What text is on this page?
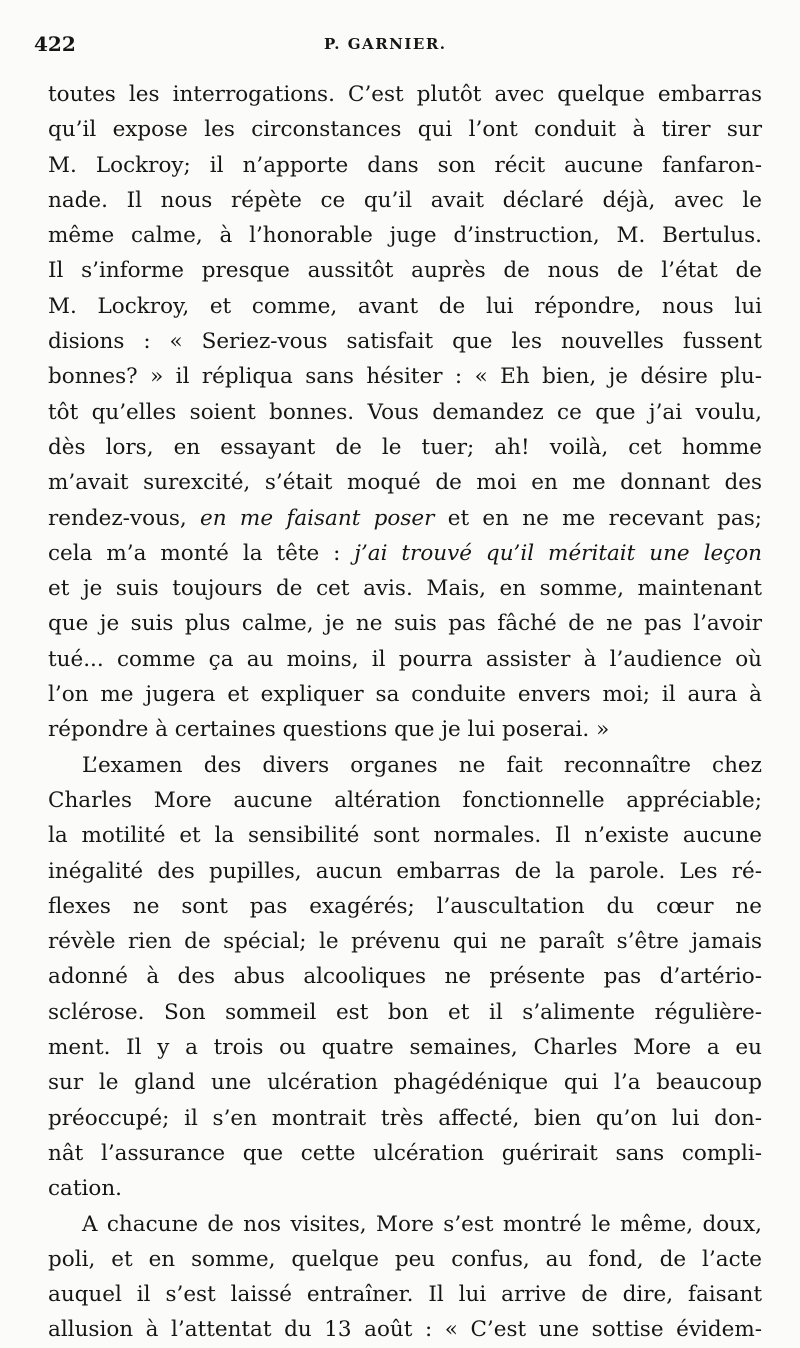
422	P. GARNIER.
toutes les interrogations. C’est plutôt avec quelque embarras
qu’il expose les circonstances qui l’ont conduit à tirer sur
M. Lockroy; il n’apporte dans son récit aucune fanfaron-
nade. Il nous répète ce qu’il avait déclaré déjà, avec le
même calme, à l’honorable juge d’instruction, M. Bertulus.
Il s’informe presque aussitôt auprès de nous de l’état de
M. Lockroy, et comme, avant de lui répondre, nous lui
disions : « Seriez-vous satisfait que les nouvelles fussent
bonnes? » il répliqua sans hésiter : « Eh bien, je désire plu-
tôt qu’elles soient bonnes. Vous demandez ce que j’ai voulu,
dès lors, en essayant de le tuer; ah! voilà, cet homme
m’avait surexcité, s’était moqué de moi en me donnant des
rendez-vous, en me faisant poser et en ne me recevant pas;
cela m’a monté la tête : j’ai trouvé qu’il méritait une leçon
et je suis toujours de cet avis. Mais, en somme, maintenant
que je suis plus calme, je ne suis pas fâché de ne pas l’avoir
tué... comme ça au moins, il pourra assister à l’audience où
l’on me jugera et expliquer sa conduite envers moi; il aura à
répondre à certaines questions que je lui poserai. »
L’examen des divers organes ne fait reconnaître chez
Charles More aucune altération fonctionnelle appréciable;
la motilité et la sensibilité sont normales. Il n’existe aucune
inégalité des pupilles, aucun embarras de la parole. Les ré-
flexes ne sont pas exagérés; l’auscultation du cœur ne
révèle rien de spécial; le prévenu qui ne paraît s’être jamais
adonné à des abus alcooliques ne présente pas d’artério-
sclérose. Son sommeil est bon et il s’alimente régulière-
ment. Il y a trois ou quatre semaines, Charles More a eu
sur le gland une ulcération phagédénique qui l’a beaucoup
préoccupé; il s’en montrait très affecté, bien qu’on lui don-
nât l’assurance que cette ulcération guérirait sans compli-
cation.
A chacune de nos visites, More s’est montré le même, doux,
poli, et en somme, quelque peu confus, au fond, de l’acte
auquel il s’est laissé entraîner. Il lui arrive de dire, faisant
allusion à l’attentat du 13 août : « C’est une sottise évidem-
